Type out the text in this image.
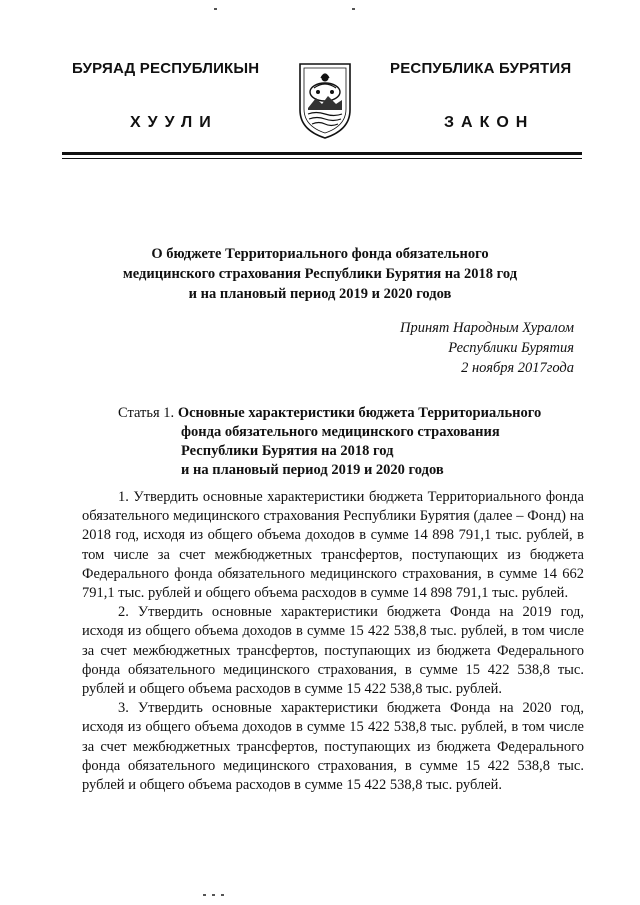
БУРЯАД РЕСПУБЛИКЫН	РЕСПУБЛИКА БУРЯТИЯ
ХУУЛИ	ЗАКОН
О бюджете Территориального фонда обязательного
медицинского страхования Республики Бурятия на 2018 год
и на плановый период 2019 и 2020 годов
Принят Народным Хуралом
Республики Бурятия
2 ноября 2017года
Статья 1. Основные характеристики бюджета Территориального
фонда обязательного медицинского страхования
Республики Бурятия на 2018 год
и на плановый период 2019 и 2020 годов

1. Утвердить основные характеристики бюджета Территориального фонда обязательного медицинского страхования Республики Бурятия (далее – Фонд) на 2018 год, исходя из общего объема доходов в сумме 14 898 791,1 тыс. рублей, в том числе за счет межбюджетных трансфертов, поступающих из бюджета Федерального фонда обязательного медицинского страхования, в сумме 14 662 791,1 тыс. рублей и общего объема расходов в сумме 14 898 791,1 тыс. рублей.

2. Утвердить основные характеристики бюджета Фонда на 2019 год, исходя из общего объема доходов в сумме 15 422 538,8 тыс. рублей, в том числе за счет межбюджетных трансфертов, поступающих из бюджета Федерального фонда обязательного медицинского страхования, в сумме 15 422 538,8 тыс. рублей и общего объема расходов в сумме 15 422 538,8 тыс. рублей.

3. Утвердить основные характеристики бюджета Фонда на 2020 год, исходя из общего объема доходов в сумме 15 422 538,8 тыс. рублей, в том числе за счет межбюджетных трансфертов, поступающих из бюджета Федерального фонда обязательного медицинского страхования, в сумме 15 422 538,8 тыс. рублей и общего объема расходов в сумме 15 422 538,8 тыс. рублей.
